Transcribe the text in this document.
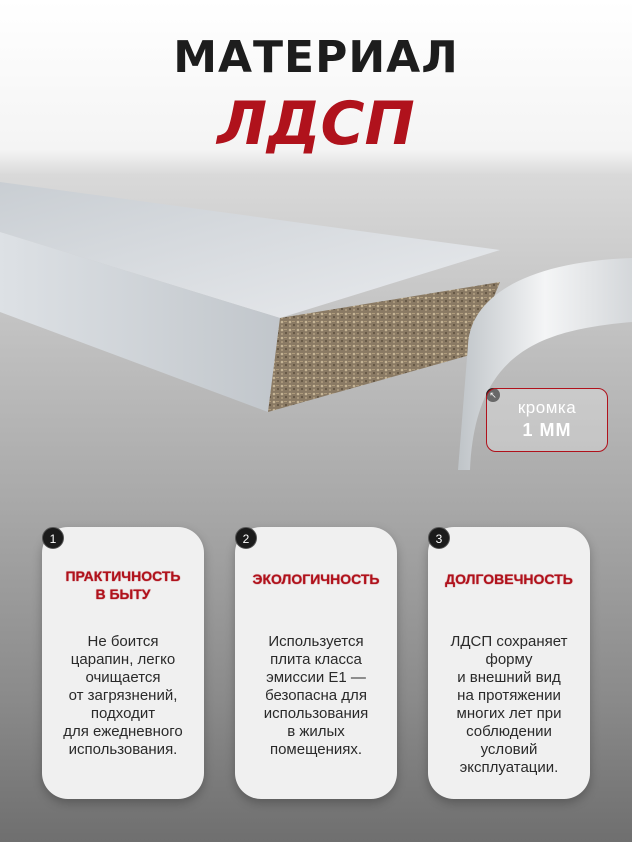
МАТЕРИАЛ
ЛДСП
↖
кромка
1 ММ
ПРАКТИЧНОСТЬ
В БЫТУ
Не боится
царапин, легко
очищается
от загрязнений,
подходит
для ежедневного
использования.
1
ЭКОЛОГИЧНОСТЬ
Используется
плита класса
эмиссии Е1 —
безопасна для
использования
в жилых
помещениях.
2
ДОЛГОВЕЧНОСТЬ
ЛДСП сохраняет
форму
и внешний вид
на протяжении
многих лет при
соблюдении
условий
эксплуатации.
3
